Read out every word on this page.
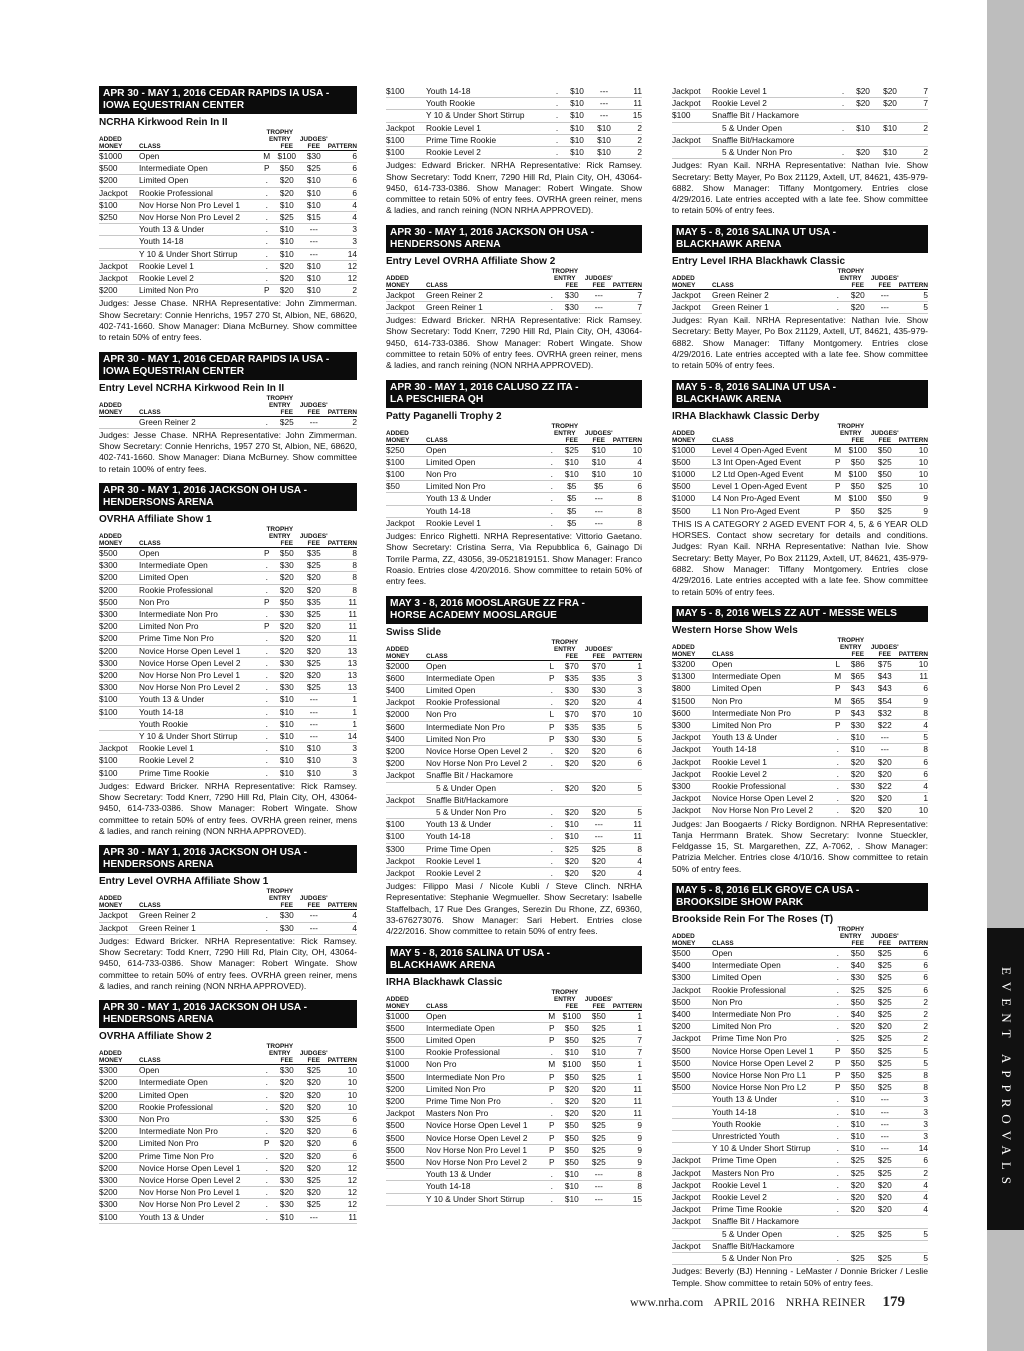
APR 30 - MAY 1, 2016 CEDAR RAPIDS IA USA -
IOWA EQUESTRIAN CENTER
NCRHA Kirkwood Rein In II
ADDED		TROPHY ENTRY		JUDGES'	
MONEY	CLASS		FEE	FEE	PATTERN
$1000	Open	M	$100	$30	6
$500	Intermediate Open	P	$50	$25	6
$200	Limited Open	.	$20	$10	6
Jackpot	Rookie Professional	.	$20	$10	6
$100	Nov Horse Non Pro Level 1	.	$10	$10	4
$250	Nov Horse Non Pro Level 2	.	$25	$15	4
	Youth 13 & Under	.	$10	---	3
	Youth 14-18	.	$10	---	3
	Y 10 & Under Short Stirrup	.	$10	---	14
Jackpot	Rookie Level 1	.	$20	$10	12
Jackpot	Rookie Level 2	.	$20	$10	12
$200	Limited Non Pro	P	$20	$10	2
Judges: Jesse Chase. NRHA Representative: John Zimmerman. Show Secretary: Connie Henrichs, 1957 270 St, Albion, NE, 68620, 402-741-1660. Show Manager: Diana McBurney. Show committee to retain 50% of entry fees.
APR 30 - MAY 1, 2016 CEDAR RAPIDS IA USA -
IOWA EQUESTRIAN CENTER
Entry Level NCRHA Kirkwood Rein In II
ADDED		TROPHY ENTRY		JUDGES'	
MONEY	CLASS		FEE	FEE	PATTERN
	Green Reiner 2	.	$25	---	2
Judges: Jesse Chase. NRHA Representative: John Zimmerman. Show Secretary: Connie Henrichs, 1957 270 St, Albion, NE, 68620, 402-741-1660. Show Manager: Diana McBurney. Show committee to retain 100% of entry fees.
APR 30 - MAY 1, 2016 JACKSON OH USA -
HENDERSONS ARENA
OVRHA Affiliate Show 1
ADDED		TROPHY ENTRY		JUDGES'	
MONEY	CLASS		FEE	FEE	PATTERN
$500	Open	P	$50	$35	8
$300	Intermediate Open	.	$30	$25	8
$200	Limited Open	.	$20	$20	8
$200	Rookie Professional	.	$20	$20	8
$500	Non Pro	P	$50	$35	11
$300	Intermediate Non Pro	.	$30	$25	11
$200	Limited Non Pro	P	$20	$20	11
$200	Prime Time Non Pro	.	$20	$20	11
$200	Novice Horse Open Level 1	.	$20	$20	13
$300	Novice Horse Open Level 2	.	$30	$25	13
$200	Nov Horse Non Pro Level 1	.	$20	$20	13
$300	Nov Horse Non Pro Level 2	.	$30	$25	13
$100	Youth 13 & Under	.	$10	---	1
$100	Youth 14-18	.	$10	---	1
	Youth Rookie	.	$10	---	1
	Y 10 & Under Short Stirrup	.	$10	---	14
Jackpot	Rookie Level 1	.	$10	$10	3
$100	Rookie Level 2	.	$10	$10	3
$100	Prime Time Rookie	.	$10	$10	3
Judges: Edward Bricker. NRHA Representative: Rick Ramsey. Show Secretary: Todd Knerr, 7290 Hill Rd, Plain City, OH, 43064-9450, 614-733-0386. Show Manager: Robert Wingate. Show committee to retain 50% of entry fees. OVRHA green reiner, mens & ladies, and ranch reining (NON NRHA APPROVED).
APR 30 - MAY 1, 2016 JACKSON OH USA -
HENDERSONS ARENA
Entry Level OVRHA Affiliate Show 1
ADDED		TROPHY ENTRY		JUDGES'	
MONEY	CLASS		FEE	FEE	PATTERN
Jackpot	Green Reiner 2	.	$30	---	4
Jackpot	Green Reiner 1	.	$30	---	4
Judges: Edward Bricker. NRHA Representative: Rick Ramsey. Show Secretary: Todd Knerr, 7290 Hill Rd, Plain City, OH, 43064-9450, 614-733-0386. Show Manager: Robert Wingate. Show committee to retain 50% of entry fees. OVRHA green reiner, mens & ladies, and ranch reining (NON NRHA APPROVED).
APR 30 - MAY 1, 2016 JACKSON OH USA -
HENDERSONS ARENA
OVRHA Affiliate Show 2
ADDED		TROPHY ENTRY		JUDGES'	
MONEY	CLASS		FEE	FEE	PATTERN
$300	Open	.	$30	$25	10
$200	Intermediate Open	.	$20	$20	10
$200	Limited Open	.	$20	$20	10
$200	Rookie Professional	.	$20	$20	10
$300	Non Pro	.	$30	$25	6
$200	Intermediate Non Pro	.	$20	$20	6
$200	Limited Non Pro	P	$20	$20	6
$200	Prime Time Non Pro	.	$20	$20	6
$200	Novice Horse Open Level 1	.	$20	$20	12
$300	Novice Horse Open Level 2	.	$30	$25	12
$200	Nov Horse Non Pro Level 1	.	$20	$20	12
$300	Nov Horse Non Pro Level 2	.	$30	$25	12
$100	Youth 13 & Under	.	$10	---	11
$100	Youth 14-18	.	$10	---	11
	Youth Rookie	.	$10	---	11
	Y 10 & Under Short Stirrup	.	$10	---	15
Jackpot	Rookie Level 1	.	$10	$10	2
$100	Prime Time Rookie	.	$10	$10	2
$100	Rookie Level 2	.	$10	$10	2
Judges: Edward Bricker. NRHA Representative: Rick Ramsey. Show Secretary: Todd Knerr, 7290 Hill Rd, Plain City, OH, 43064-9450, 614-733-0386. Show Manager: Robert Wingate. Show committee to retain 50% of entry fees. OVRHA green reiner, mens & ladies, and ranch reining (NON NRHA APPROVED).
APR 30 - MAY 1, 2016 JACKSON OH USA -
HENDERSONS ARENA
Entry Level OVRHA Affiliate Show 2
ADDED		TROPHY ENTRY		JUDGES'	
MONEY	CLASS		FEE	FEE	PATTERN
Jackpot	Green Reiner 2	.	$30	---	7
Jackpot	Green Reiner 1	.	$30	---	7
Judges: Edward Bricker. NRHA Representative: Rick Ramsey. Show Secretary: Todd Knerr, 7290 Hill Rd, Plain City, OH, 43064-9450, 614-733-0386. Show Manager: Robert Wingate. Show committee to retain 50% of entry fees. OVRHA green reiner, mens & ladies, and ranch reining (NON NRHA APPROVED).
APR 30 - MAY 1, 2016 CALUSO ZZ ITA -
LA PESCHIERA QH
Patty Paganelli Trophy 2
ADDED		TROPHY ENTRY		JUDGES'	
MONEY	CLASS		FEE	FEE	PATTERN
$250	Open	.	$25	$10	10
$100	Limited Open	.	$10	$10	4
$100	Non Pro	.	$10	$10	10
$50	Limited Non Pro	.	$5	$5	6
	Youth 13 & Under	.	$5	---	8
	Youth 14-18	.	$5	---	8
Jackpot	Rookie Level 1	.	$5	---	8
Judges: Enrico Righetti. NRHA Representative: Vittorio Gaetano. Show Secretary: Cristina Serra, Via Repubblica 6, Gainago Di Torrile Parma, ZZ, 43056, 39-0521819151. Show Manager: Franco Roasio. Entries close 4/20/2016. Show committee to retain 50% of entry fees.
MAY 3 - 8, 2016 MOOSLARGUE ZZ FRA -
HORSE ACADEMY MOOSLARGUE
Swiss Slide
ADDED		TROPHY ENTRY		JUDGES'	
MONEY	CLASS		FEE	FEE	PATTERN
$2000	Open	L	$70	$70	1
$600	Intermediate Open	P	$35	$35	3
$400	Limited Open	.	$30	$30	3
Jackpot	Rookie Professional	.	$20	$20	4
$2000	Non Pro	L	$70	$70	10
$600	Intermediate Non Pro	P	$35	$35	5
$400	Limited Non Pro	P	$30	$30	5
$200	Novice Horse Open Level 2	.	$20	$20	6
$200	Nov Horse Non Pro Level 2	.	$20	$20	6
Jackpot	Snaffle Bit / Hackamore				
	5 & Under Open	.	$20	$20	5
Jackpot	Snaffle Bit/Hackamore				
	5 & Under Non Pro	.	$20	$20	5
$100	Youth 13 & Under	.	$10	---	11
$100	Youth 14-18	.	$10	---	11
$300	Prime Time Open	.	$25	$25	8
Jackpot	Rookie Level 1	.	$20	$20	4
Jackpot	Rookie Level 2	.	$20	$20	4
Judges: Filippo Masi / Nicole Kubli / Steve Clinch. NRHA Representative: Stephanie Wegmueller. Show Secretary: Isabelle Staffelbach, 17 Rue Des Granges, Serezin Du Rhone, ZZ, 69360, 33-676273076. Show Manager: Sari Hebert. Entries close 4/22/2016. Show committee to retain 50% of entry fees.
MAY 5 - 8, 2016 SALINA UT USA -
BLACKHAWK ARENA
IRHA Blackhawk Classic
ADDED		TROPHY ENTRY		JUDGES'	
MONEY	CLASS		FEE	FEE	PATTERN
$1000	Open	M	$100	$50	1
$500	Intermediate Open	P	$50	$25	1
$500	Limited Open	P	$50	$25	7
$100	Rookie Professional	.	$10	$10	7
$1000	Non Pro	M	$100	$50	1
$500	Intermediate Non Pro	P	$50	$25	1
$200	Limited Non Pro	P	$20	$20	11
$200	Prime Time Non Pro	.	$20	$20	11
Jackpot	Masters Non Pro	.	$20	$20	11
$500	Novice Horse Open Level 1	P	$50	$25	9
$500	Novice Horse Open Level 2	P	$50	$25	9
$500	Nov Horse Non Pro Level 1	P	$50	$25	9
$500	Nov Horse Non Pro Level 2	P	$50	$25	9
	Youth 13 & Under	.	$10	---	8
	Youth 14-18	.	$10	---	8
	Y 10 & Under Short Stirrup	.	$10	---	15
Jackpot	Rookie Level 1	.	$20	$20	7
Jackpot	Rookie Level 2	.	$20	$20	7
$100	Snaffle Bit / Hackamore				
	5 & Under Open	.	$10	$10	2
Jackpot	Snaffle Bit/Hackamore				
	5 & Under Non Pro	.	$20	$10	2
Judges: Ryan Kail. NRHA Representative: Nathan Ivie. Show Secretary: Betty Mayer, Po Box 21129, Axtell, UT, 84621, 435-979-6882. Show Manager: Tiffany Montgomery. Entries close 4/29/2016. Late entries accepted with a late fee. Show committee to retain 50% of entry fees.
MAY 5 - 8, 2016 SALINA UT USA -
BLACKHAWK ARENA
Entry Level IRHA Blackhawk Classic
ADDED		TROPHY ENTRY		JUDGES'	
MONEY	CLASS		FEE	FEE	PATTERN
Jackpot	Green Reiner 2	.	$20	---	5
Jackpot	Green Reiner 1	.	$20	---	5
Judges: Ryan Kail. NRHA Representative: Nathan Ivie. Show Secretary: Betty Mayer, Po Box 21129, Axtell, UT, 84621, 435-979-6882. Show Manager: Tiffany Montgomery. Entries close 4/29/2016. Late entries accepted with a late fee. Show committee to retain 50% of entry fees.
MAY 5 - 8, 2016 SALINA UT USA -
BLACKHAWK ARENA
IRHA Blackhawk Classic Derby
ADDED		TROPHY ENTRY		JUDGES'	
MONEY	CLASS		FEE	FEE	PATTERN
$1000	Level 4 Open-Aged Event	M	$100	$50	10
$500	L3 Int Open-Aged Event	P	$50	$25	10
$1000	L2 Ltd Open-Aged Event	M	$100	$50	10
$500	Level 1 Open-Aged Event	P	$50	$25	10
$1000	L4 Non Pro-Aged Event	M	$100	$50	9
$500	L1 Non Pro-Aged Event	P	$50	$25	9
THIS IS A CATEGORY 2 AGED EVENT FOR 4, 5, & 6 YEAR OLD HORSES. Contact show secretary for details and conditions. Judges: Ryan Kail. NRHA Representative: Nathan Ivie. Show Secretary: Betty Mayer, Po Box 21129, Axtell, UT, 84621, 435-979-6882. Show Manager: Tiffany Montgomery. Entries close 4/29/2016. Late entries accepted with a late fee. Show committee to retain 50% of entry fees.
MAY 5 - 8, 2016 WELS ZZ AUT - MESSE WELS
Western Horse Show Wels
ADDED		TROPHY ENTRY		JUDGES'	
MONEY	CLASS		FEE	FEE	PATTERN
$3200	Open	L	$86	$75	10
$1300	Intermediate Open	M	$65	$43	11
$800	Limited Open	P	$43	$43	6
$1500	Non Pro	M	$65	$54	9
$600	Intermediate Non Pro	P	$43	$32	8
$300	Limited Non Pro	P	$30	$22	4
Jackpot	Youth 13 & Under	.	$10	---	5
Jackpot	Youth 14-18	.	$10	---	8
Jackpot	Rookie Level 1	.	$20	$20	6
Jackpot	Rookie Level 2	.	$20	$20	6
$300	Rookie Professional	.	$30	$22	4
Jackpot	Novice Horse Open Level 2	.	$20	$20	1
Jackpot	Nov Horse Non Pro Level 2	.	$20	$20	10
Judges: Jan Boogaerts / Ricky Bordignon. NRHA Representative: Tanja Herrmann Bratek. Show Secretary: Ivonne Stueckler, Feldgasse 15, St. Margarethen, ZZ, A-7062, . Show Manager: Patrizia Melcher. Entries close 4/10/16. Show committee to retain 50% of entry fees.
MAY 5 - 8, 2016 ELK GROVE CA USA -
BROOKSIDE SHOW PARK
Brookside Rein For The Roses (T)
ADDED		TROPHY ENTRY		JUDGES'	
MONEY	CLASS		FEE	FEE	PATTERN
$500	Open	.	$50	$25	6
$400	Intermediate Open	.	$40	$25	6
$300	Limited Open	.	$30	$25	6
Jackpot	Rookie Professional	.	$25	$25	6
$500	Non Pro	.	$50	$25	2
$400	Intermediate Non Pro	.	$40	$25	2
$200	Limited Non Pro	.	$20	$20	2
Jackpot	Prime Time Non Pro	.	$25	$25	2
$500	Novice Horse Open Level 1	P	$50	$25	5
$500	Novice Horse Open Level 2	P	$50	$25	5
$500	Novice Horse Non Pro L1	P	$50	$25	8
$500	Novice Horse Non Pro L2	P	$50	$25	8
	Youth 13 & Under	.	$10	---	3
	Youth 14-18	.	$10	---	3
	Youth Rookie	.	$10	---	3
	Unrestricted Youth	.	$10	---	3
	Y 10 & Under Short Stirrup	.	$10	---	14
Jackpot	Prime Time Open	.	$25	$25	6
Jackpot	Masters Non Pro	.	$25	$25	2
Jackpot	Rookie Level 1	.	$20	$20	4
Jackpot	Rookie Level 2	.	$20	$20	4
Jackpot	Prime Time Rookie	.	$20	$20	4
Jackpot	Snaffle Bit / Hackamore				
	5 & Under Open	.	$25	$25	5
Jackpot	Snaffle Bit/Hackamore				
	5 & Under Non Pro	.	$25	$25	5
Judges: Beverly (BJ) Henning - LeMaster / Donnie Bricker / Leslie Temple. Show committee to retain 50% of entry fees.
EVENT APPROVALS
www.nrha.com APRIL 2016 NRHA REINER 179
